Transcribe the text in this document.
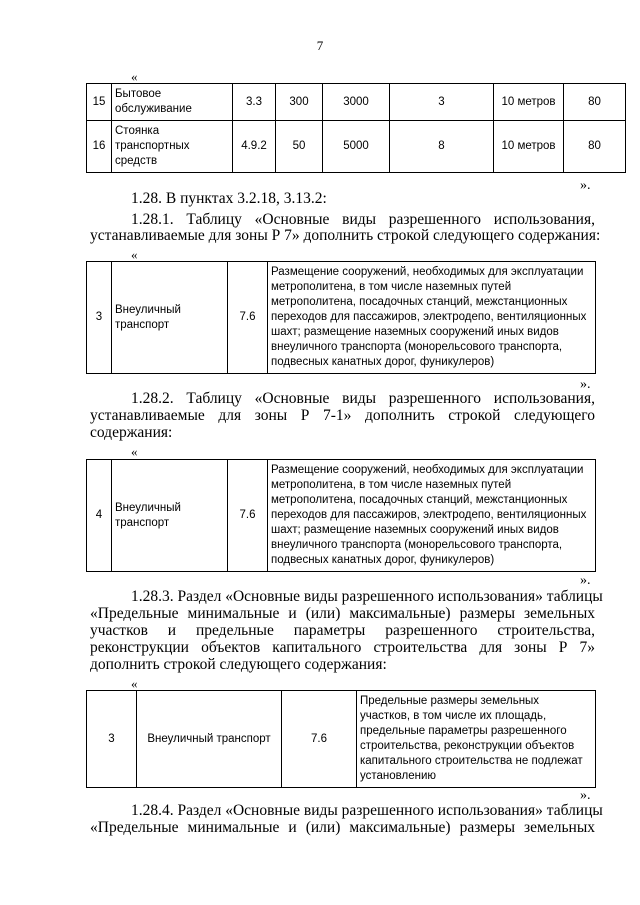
7
«
15	Бытовое обслуживание	3.3	300	3000	3	10 метров	80
16	Стоянка транспортных средств	4.9.2	50	5000	8	10 метров	80
».
1.28. В пунктах 3.2.18, 3.13.2:
1.28.1. Таблицу «Основные виды разрешенного использования,
устанавливаемые для зоны Р 7» дополнить строкой следующего содержания:
«
3	Внеуличный транспорт	7.6	Размещение сооружений, необходимых для эксплуатации метрополитена, в том числе наземных путей метрополитена, посадочных станций, межстанционных переходов для пассажиров, электродепо, вентиляционных шахт; размещение наземных сооружений иных видов внеуличного транспорта (монорельсового транспорта, подвесных канатных дорог, фуникулеров)
».
1.28.2. Таблицу «Основные виды разрешенного использования,
устанавливаемые для зоны Р 7-1» дополнить строкой следующего
содержания:
«
4	Внеуличный транспорт	7.6	Размещение сооружений, необходимых для эксплуатации метрополитена, в том числе наземных путей метрополитена, посадочных станций, межстанционных переходов для пассажиров, электродепо, вентиляционных шахт; размещение наземных сооружений иных видов внеуличного транспорта (монорельсового транспорта, подвесных канатных дорог, фуникулеров)
».
1.28.3. Раздел «Основные виды разрешенного использования» таблицы
«Предельные минимальные и (или) максимальные) размеры земельных
участков и предельные параметры разрешенного строительства,
реконструкции объектов капитального строительства для зоны Р 7»
дополнить строкой следующего содержания:
«
3	Внеуличный транспорт	7.6	Предельные размеры земельных участков, в том числе их площадь, предельные параметры разрешенного строительства, реконструкции объектов капитального строительства не подлежат установлению
».
1.28.4. Раздел «Основные виды разрешенного использования» таблицы
«Предельные минимальные и (или) максимальные) размеры земельных
